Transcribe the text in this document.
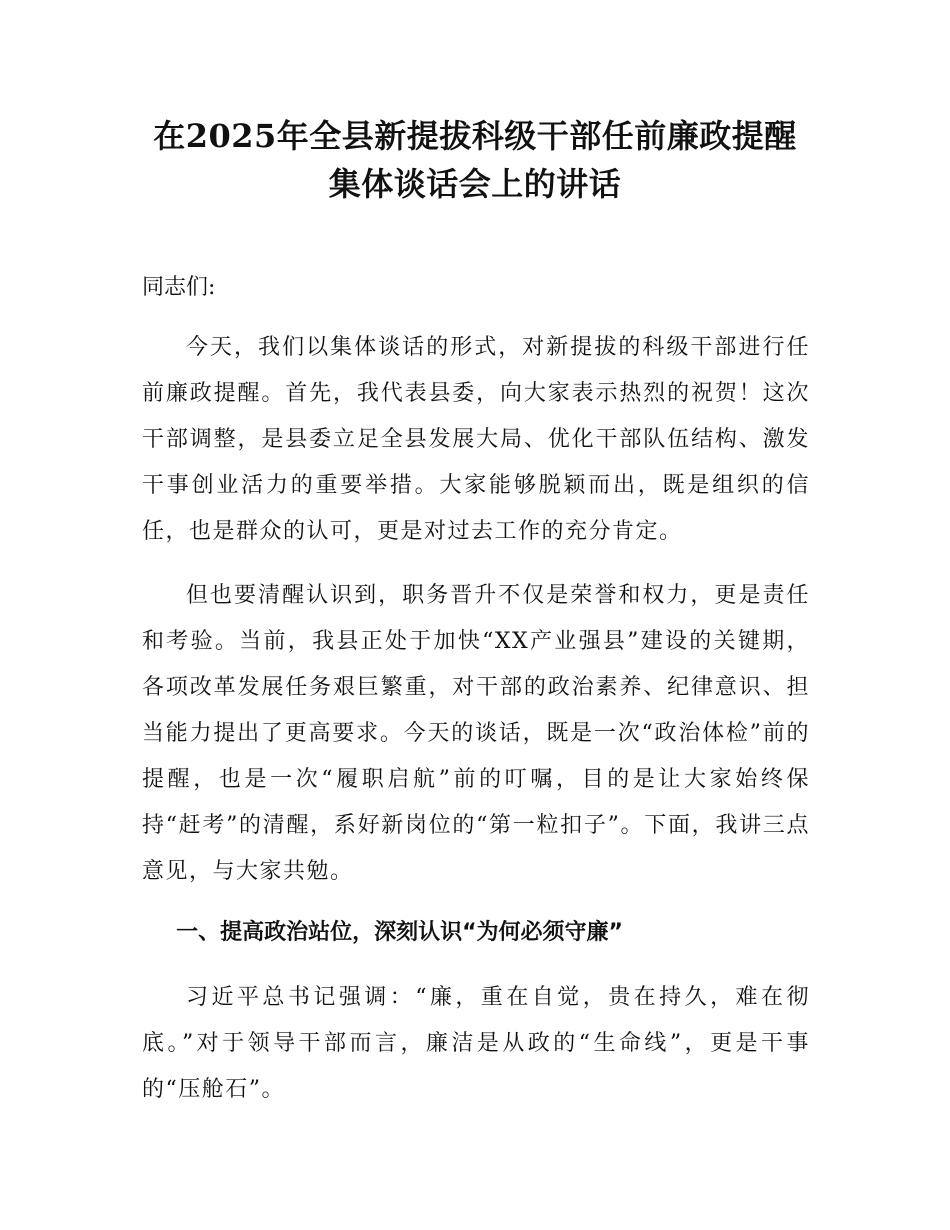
在2025年全县新提拔科级干部任前廉政提醒
集体谈话会上的讲话

同志们:

今天，我们以集体谈话的形式，对新提拔的科级干部进行任前廉政提醒。首先，我代表县委，向大家表示热烈的祝贺！这次干部调整，是县委立足全县发展大局、优化干部队伍结构、激发干事创业活力的重要举措。大家能够脱颖而出，既是组织的信任，也是群众的认可，更是对过去工作的充分肯定。

但也要清醒认识到，职务晋升不仅是荣誉和权力，更是责任和考验。当前，我县正处于加快“XX产业强县”建设的关键期，各项改革发展任务艰巨繁重，对干部的政治素养、纪律意识、担当能力提出了更高要求。今天的谈话，既是一次“政治体检”前的提醒，也是一次“履职启航”前的叮嘱，目的是让大家始终保持“赶考”的清醒，系好新岗位的“第一粒扣子”。下面，我讲三点意见，与大家共勉。

一、提高政治站位，深刻认识“为何必须守廉”

习近平总书记强调：“廉，重在自觉，贵在持久，难在彻底。”对于领导干部而言，廉洁是从政的“生命线”，更是干事的“压舱石”。
